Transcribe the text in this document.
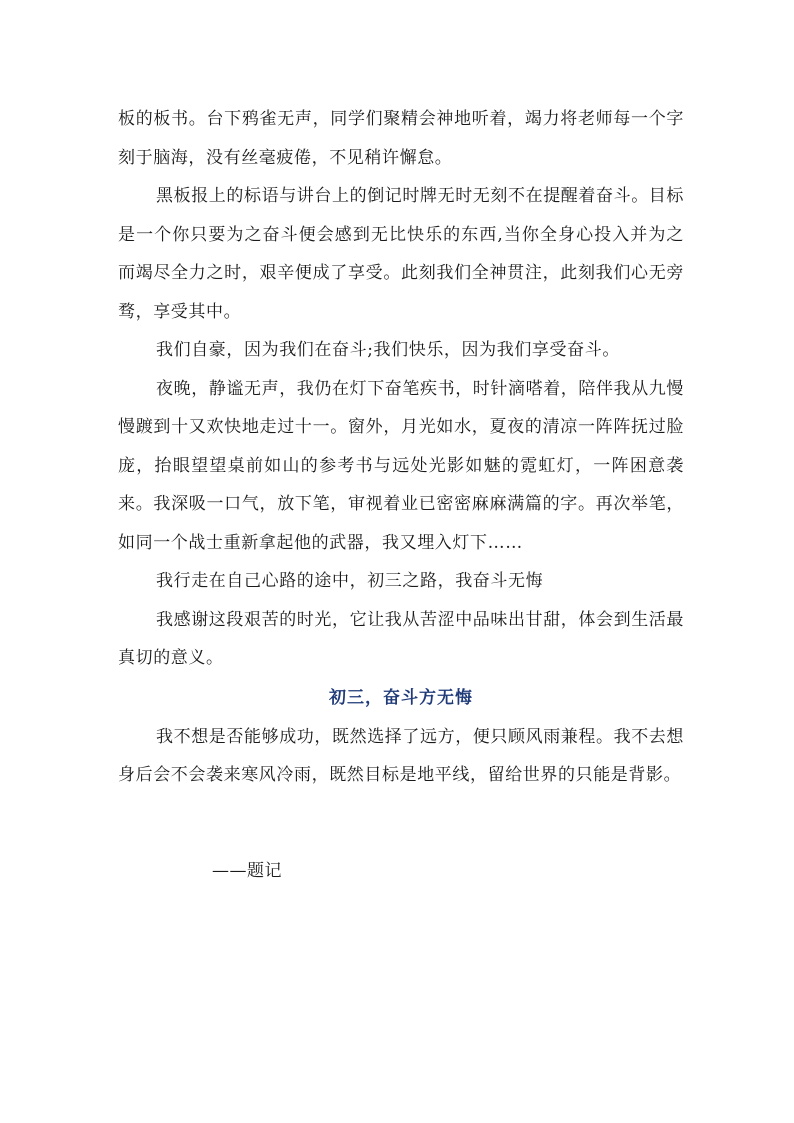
板的板书。台下鸦雀无声，同学们聚精会神地听着，竭力将老师每一个字刻于脑海，没有丝毫疲倦，不见稍许懈怠。

黑板报上的标语与讲台上的倒记时牌无时无刻不在提醒着奋斗。目标是一个你只要为之奋斗便会感到无比快乐的东西,当你全身心投入并为之而竭尽全力之时，艰辛便成了享受。此刻我们全神贯注，此刻我们心无旁骛，享受其中。

我们自豪，因为我们在奋斗;我们快乐，因为我们享受奋斗。

夜晚，静谧无声，我仍在灯下奋笔疾书，时针滴嗒着，陪伴我从九慢慢踱到十又欢快地走过十一。窗外，月光如水，夏夜的清凉一阵阵抚过脸庞，抬眼望望桌前如山的参考书与远处光影如魅的霓虹灯，一阵困意袭来。我深吸一口气，放下笔，审视着业已密密麻麻满篇的字。再次举笔，如同一个战士重新拿起他的武器，我又埋入灯下……

我行走在自己心路的途中，初三之路，我奋斗无悔

我感谢这段艰苦的时光，它让我从苦涩中品味出甘甜，体会到生活最真切的意义。

初三，奋斗方无悔

我不想是否能够成功，既然选择了远方，便只顾风雨兼程。我不去想身后会不会袭来寒风冷雨，既然目标是地平线，留给世界的只能是背影。

——题记
